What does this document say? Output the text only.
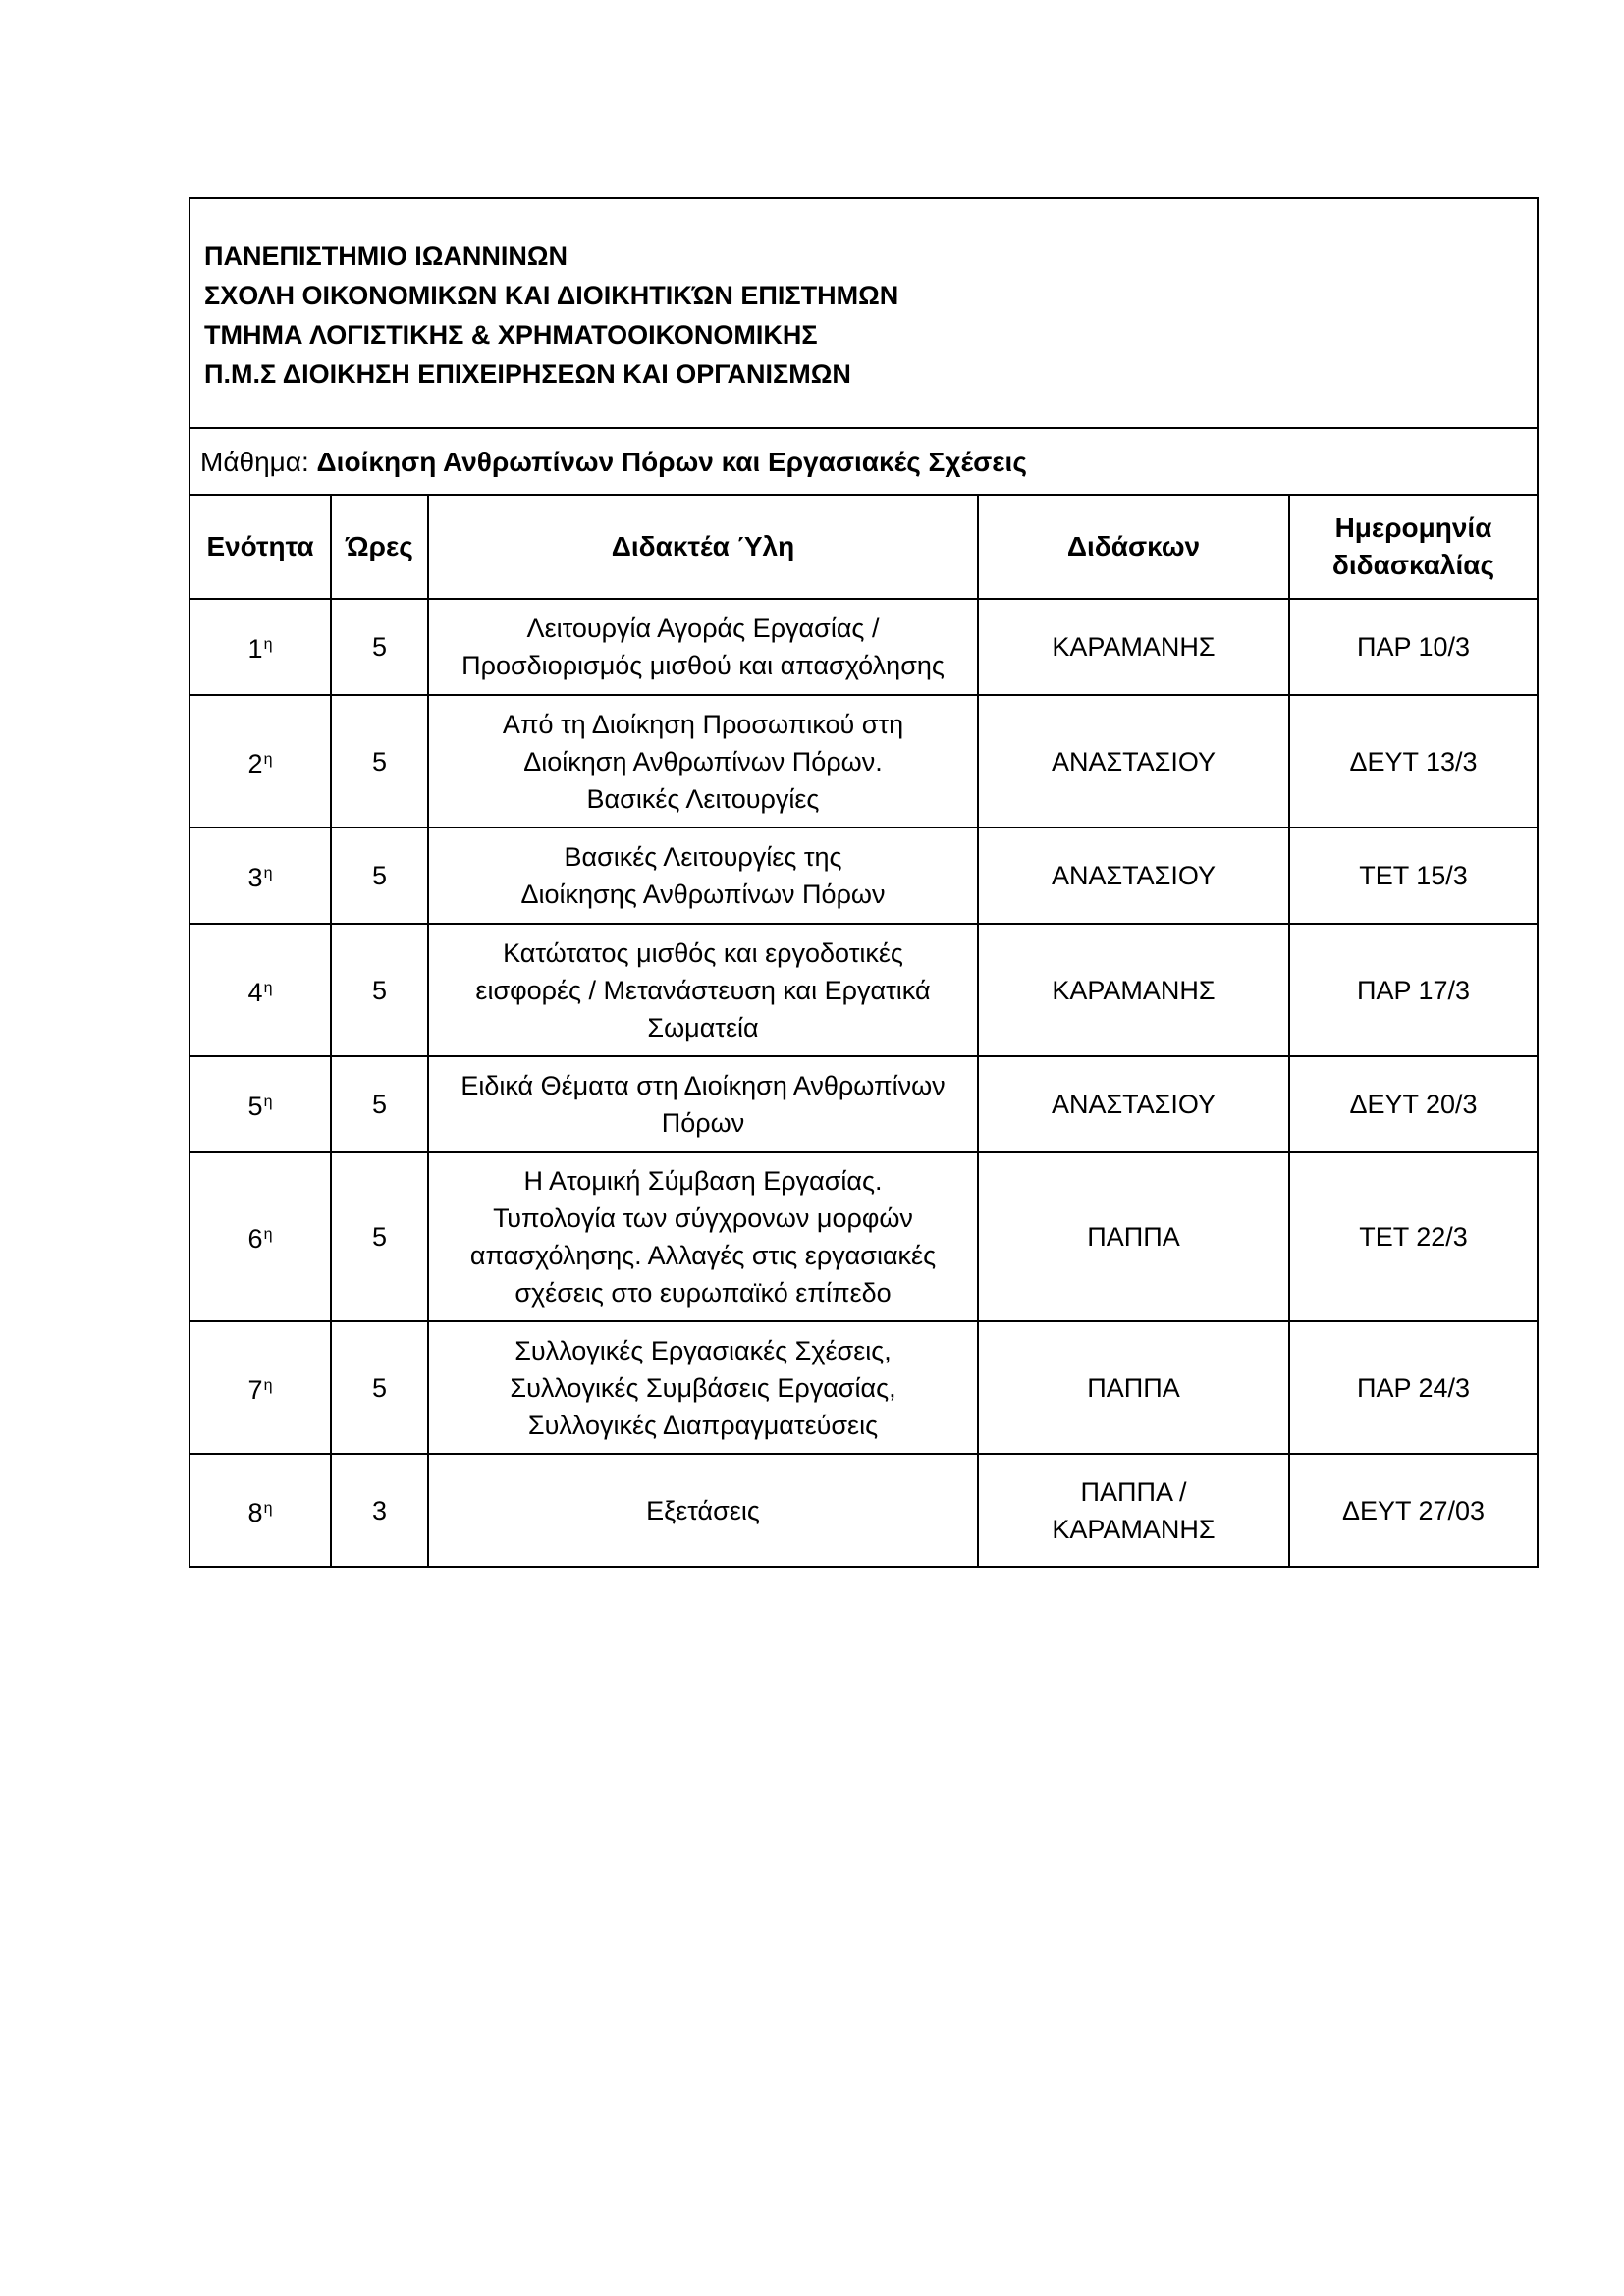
ΠΑΝΕΠΙΣΤΗΜΙΟ ΙΩΑΝΝΙΝΩΝ
ΣΧΟΛΗ ΟΙΚΟΝΟΜΙΚΩΝ ΚΑΙ ΔΙΟΙΚΗΤΙΚΏΝ ΕΠΙΣΤΗΜΩΝ
ΤΜΗΜΑ ΛΟΓΙΣΤΙΚΗΣ & ΧΡΗΜΑΤΟΟΙΚΟΝΟΜΙΚΗΣ
Π.Μ.Σ ΔΙΟΙΚΗΣΗ ΕΠΙΧΕΙΡΗΣΕΩΝ ΚΑΙ ΟΡΓΑΝΙΣΜΩΝ
Μάθημα: Διοίκηση Ανθρωπίνων Πόρων και Εργασιακές Σχέσεις
Ενότητα	Ώρες	Διδακτέα Ύλη	Διδάσκων	Ημερομηνία διδασκαλίας
$1^\eta$	5	Λειτουργία Αγοράς Εργασίας /
Προσδιορισμός μισθού και απασχόλησης	ΚΑΡΑΜΑΝΗΣ	ΠΑΡ 10/3
$2^\eta$	5	Από τη Διοίκηση Προσωπικού στη
Διοίκηση Ανθρωπίνων Πόρων.
Βασικές Λειτουργίες	ΑΝΑΣΤΑΣΙΟΥ	ΔΕΥΤ 13/3
$3^\eta$	5	Βασικές Λειτουργίες της
Διοίκησης Ανθρωπίνων Πόρων	ΑΝΑΣΤΑΣΙΟΥ	ΤΕΤ 15/3
$4^\eta$	5	Κατώτατος μισθός και εργοδοτικές
εισφορές / Μετανάστευση και Εργατικά
Σωματεία	ΚΑΡΑΜΑΝΗΣ	ΠΑΡ 17/3
$5^\eta$	5	Ειδικά Θέματα στη Διοίκηση Ανθρωπίνων
Πόρων	ΑΝΑΣΤΑΣΙΟΥ	ΔΕΥΤ 20/3
$6^\eta$	5	Η Ατομική Σύμβαση Εργασίας.
Τυπολογία των σύγχρονων μορφών
απασχόλησης. Αλλαγές στις εργασιακές
σχέσεις στο ευρωπαϊκό επίπεδο	ΠΑΠΠΑ	ΤΕΤ 22/3
$7^\eta$	5	Συλλογικές Εργασιακές Σχέσεις,
Συλλογικές Συμβάσεις Εργασίας,
Συλλογικές Διαπραγματεύσεις	ΠΑΠΠΑ	ΠΑΡ 24/3
$8^\eta$	3	Εξετάσεις	ΠΑΠΠΑ /
ΚΑΡΑΜΑΝΗΣ	ΔΕΥΤ 27/03
